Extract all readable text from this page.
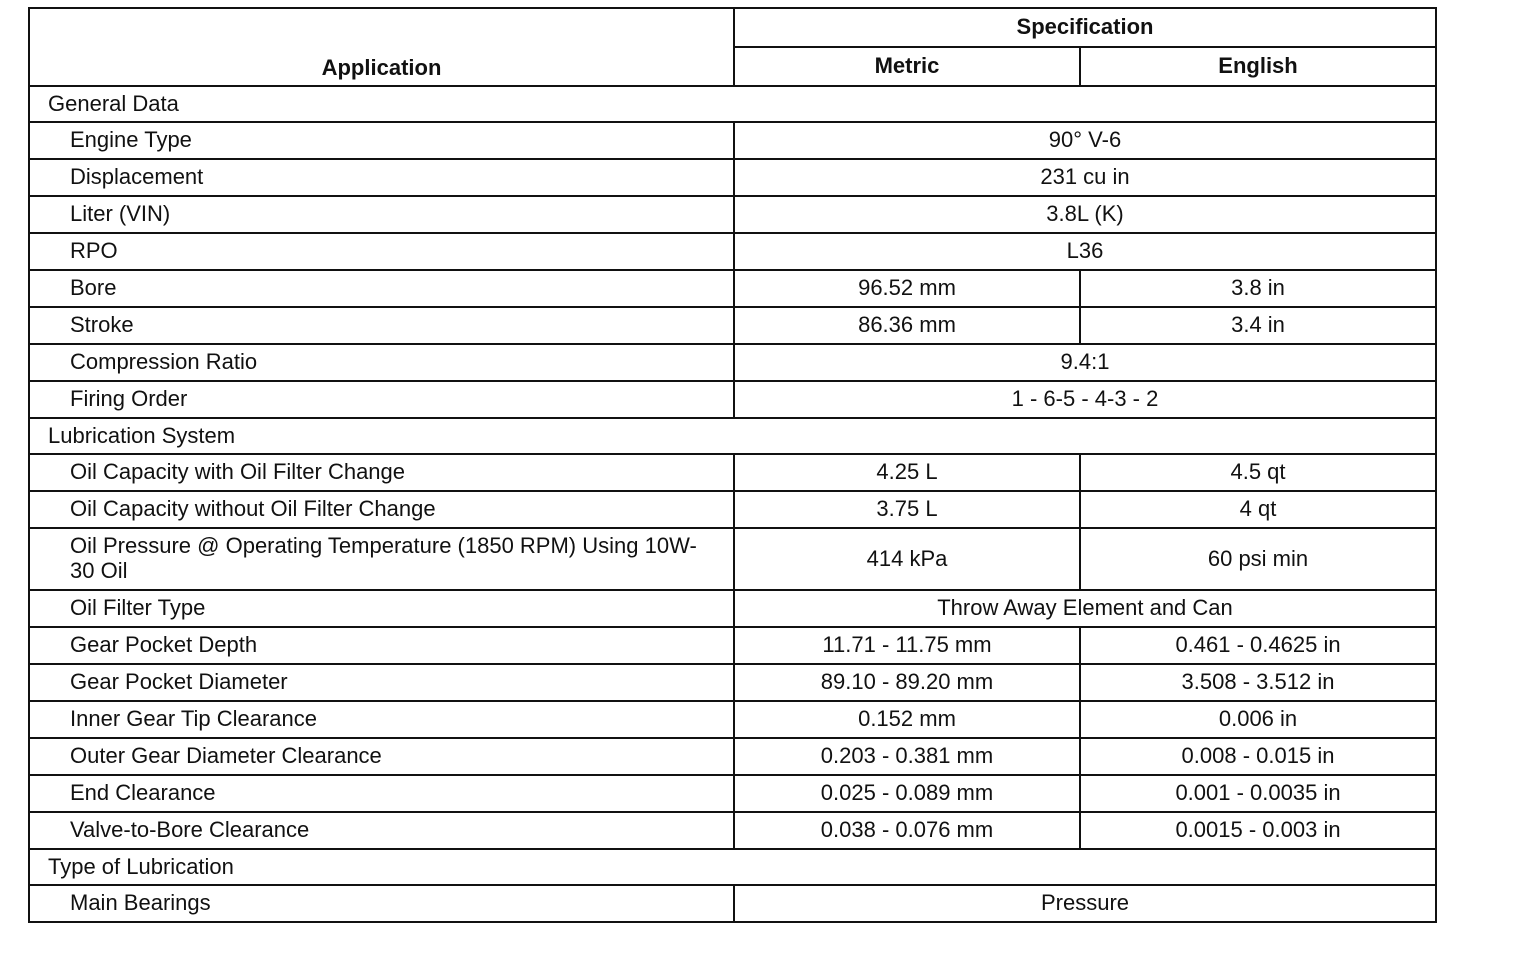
Application	Specification	
	Metric	English
General Data		
Engine Type	90° V-6	
Displacement	231 cu in	
Liter (VIN)	3.8L (K)	
RPO	L36	
Bore	96.52 mm	3.8 in
Stroke	86.36 mm	3.4 in
Compression Ratio	9.4:1	
Firing Order	1 - 6-5 - 4-3 - 2	
Lubrication System		
Oil Capacity with Oil Filter Change	4.25 L	4.5 qt
Oil Capacity without Oil Filter Change	3.75 L	4 qt
Oil Pressure @ Operating Temperature (1850 RPM) Using 10W-30 Oil	414 kPa	60 psi min
Oil Filter Type	Throw Away Element and Can	
Gear Pocket Depth	11.71 - 11.75 mm	0.461 - 0.4625 in
Gear Pocket Diameter	89.10 - 89.20 mm	3.508 - 3.512 in
Inner Gear Tip Clearance	0.152 mm	0.006 in
Outer Gear Diameter Clearance	0.203 - 0.381 mm	0.008 - 0.015 in
End Clearance	0.025 - 0.089 mm	0.001 - 0.0035 in
Valve-to-Bore Clearance	0.038 - 0.076 mm	0.0015 - 0.003 in
Type of Lubrication		
Main Bearings	Pressure	
